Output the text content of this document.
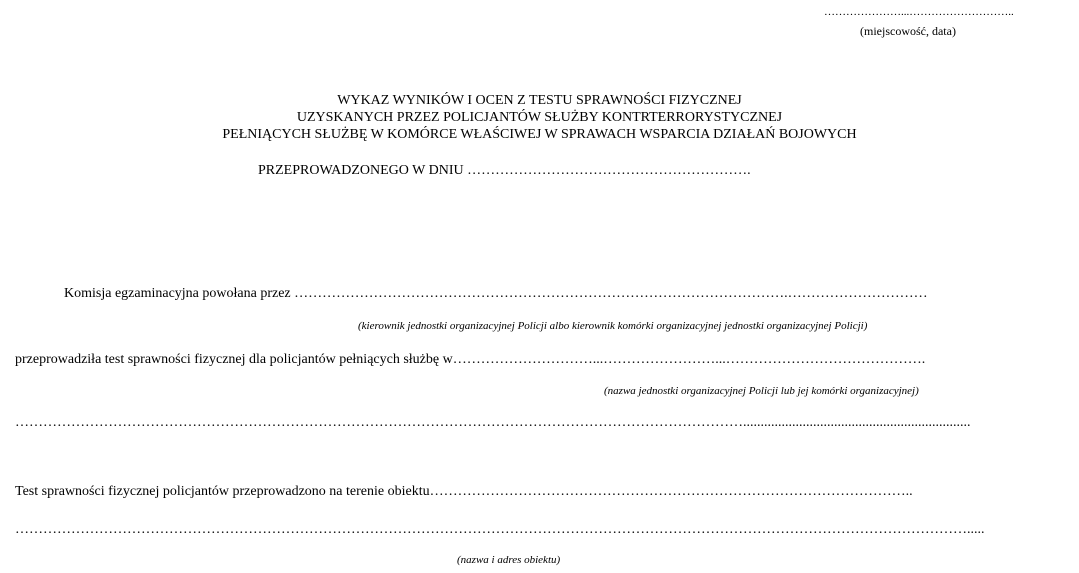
…………………...………………………..
(miejscowość, data)
WYKAZ WYNIKÓW I OCEN Z TESTU SPRAWNOŚCI FIZYCZNEJ
UZYSKANYCH PRZEZ POLICJANTÓW SŁUŻBY KONTRTERRORYSTYCZNEJ
PEŁNIĄCYCH SŁUŻBĘ W KOMÓRCE WŁAŚCIWEJ W SPRAWACH WSPARCIA DZIAŁAŃ BOJOWYCH
PRZEPROWADZONEGO W DNIU …………………………………………………….
Komisja egzaminacyjna powołana przez …………………………………………………………………………………………….…………………………
(kierownik jednostki organizacyjnej Policji albo kierownik komórki organizacyjnej jednostki organizacyjnej Policji)
przeprowadziła test sprawności fizycznej dla policjantów pełniących służbę w…………………………...……………………...…………………………………….
(nazwa jednostki organizacyjnej Policji lub jej komórki organizacyjnej)
………………………………………………………………………………………………………………………………………….................................................................
Test sprawności fizycznej policjantów przeprowadzono na terenie obiektu…………………………………………………………………………………………..
…………………………………………………………………………………………………………………………………………………………………………………….....
(nazwa i adres obiektu)
